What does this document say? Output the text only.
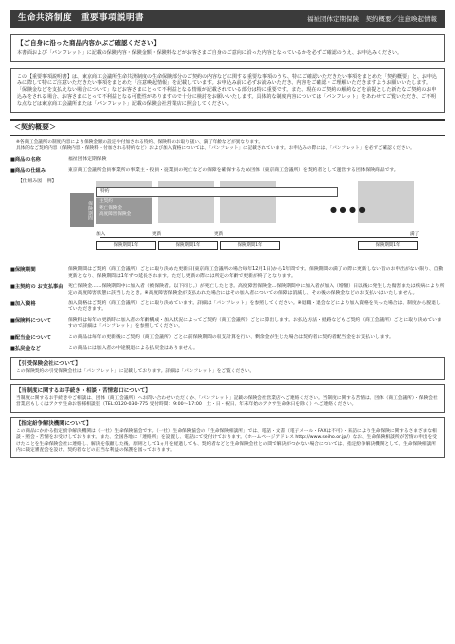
生命共済制度　重要事項説明書	福祉団体定期保険　契約概要／注意喚起情報
【ご自身に沿った商品内容かぶご確認ください】

本書面および「パンフレット」に記載の保険内容・保険金額・保険料などがお客さまご自身のご意向に沿った内容となっているかを必ずご確認のうえ、お申込みください。

この【重要事項説明書】は、東京商工会議所生命共済制度の生命保険部分のご契約の内容などに関する重要な事項のうち、特にご確認いただきたい事項をまとめた「契約概要」と、お申込みに際して特にご注意いただきたい事項をまとめた「注意喚起情報」を記載しています。お申込み前に必ずお読みいただき、内容をご確認・ご理解いただきますようお願いいたします。「保険金などを支払えない場合について」などお客さまにとって不利益となる情報が記載されている部分は特に重要です。また、現在のご契約の解約などを前提とした新たなご契約のお申込みをされる場合、お客さまにとって不利益となる可能性がありますので十分に検討をお願いいたします。具体的な制度内容については「パンフレット」をあわせてご覧いただき、ご不明な点などは東京商工会議所または「パンフレット」記載の保険会社営業店に照会してください。

＜契約概要＞
※各商工会議所の制度内容により保険金額の設定や付加される特約、保険料のお取り扱い、満了年齢などが異なります。
具体的なご契約内容（保険内容・保険料・付加される特約など）および加入資格については、「パンフレット」に記載されています。お申込みの際には、「パンフレット」を必ずご確認ください。
■商品の名称	福祉団体定期保険
■商品の仕組み	東京商工会議所会員事業所の事業主・役員・従業員の死亡などの保障を確保するため団体（東京商工会議所）を契約者として運営する団体保険商品です。
【仕組み図　例】
保険期間
特約
主契約
死亡保険金
高度障害保険金
● ● ● ●
加入	更新	更新	満了
保険期間1年	保険期間1年	保険期間1年	保険期間1年
■保険期間	保険期間はご契約（商工会議所）ごとに取り決めた更新日(東京商工会議所の場合毎年12月1日)から1年間です。保険期間の満了の際に更新しない旨のお申出がない限り、自動更新となり、保険期間は1年ずつ延長されます。ただし更新の際には所定の年齢で更新が終了となります。
■主契約の お支払事由 死亡保険金……保険期間中に加入者（被保険者。以下同じ。）が死亡したとき。高度障害保険金…保険期間中に加入者が加入（増額）日以後に発生した傷害または疾病により所定の高度障害状態に該当したとき。※高度障害保険金が支払われた場合にはその加入者についての保障は消滅し、その後の保険金などのお支払いはいたしません。
■加入資格	加入資格はご契約（商工会議所）ごとに取り決めています。詳細は「パンフレット」を参照してください。※退職・退会などにより加入資格を失った場合は、制度から脱退していただきます。
■保険料について	保険料は毎年の更新時に加入者の年齢構成・加入状況によってご契約（商工会議所）ごとに算出します。お払込方法・経路などもご契約（商工会議所）ごとに取り決めていますので詳細は「パンフレット」を参照してください。
■配当金について	この商品は毎年の更新後にご契約（商工会議所）ごとに前保険期間の収支計算を行い、剰余金が生じた場合は契約者に契約者配当金をお支払いします。
■払戻金など	この商品には加入者の中途脱退による払戻金はありません。
【引受保険会社について】

この保険契約の引受保険会社は「パンフレット」に記載しております。詳細は「パンフレット」をご覧ください。

【当制度に関するお手続き・相談・苦情窓口について】

当制度に関するお手続きやご相談は、団体（商工会議所）へお問い合わせいただくか、「パンフレット」記載の保険会社営業店へご連絡ください。当制度に関する苦情は、団体（商工会議所）・保険会社営業店もしくはアクサ生命お客様相談室（TEL:0120-030-775 受付時間：9:00〜17:00　土・日・祝日、年末年始のアクサ生命休日を除く）へご連絡ください。

【指定紛争解決機関について】

この商品にかかる指定紛争解決機関は（一社）生命保険協会です。（一社）生命保険協会の「生命保険相談所」では、電話・文書（電子メール・FAXは不可）・来訪により生命保険に関するさまざまな相談・照会・苦情をお受けしております。また、全国各地に「連絡所」を設置し、電話にて受付けております。（ホームページアドレス http://www.seiho.or.jp/）なお、生命保険相談所が苦情の申出を受けたことを生命保険会社に連絡し、解決を依頼した後、原則として1ヵ月を経過しても、契約者などと生命保険会社との間で解決がつかない場合については、指定紛争解決機関として、生命保険相談所内に裁定審査会を設け、契約者などの正当な利益の保護を図っております。
